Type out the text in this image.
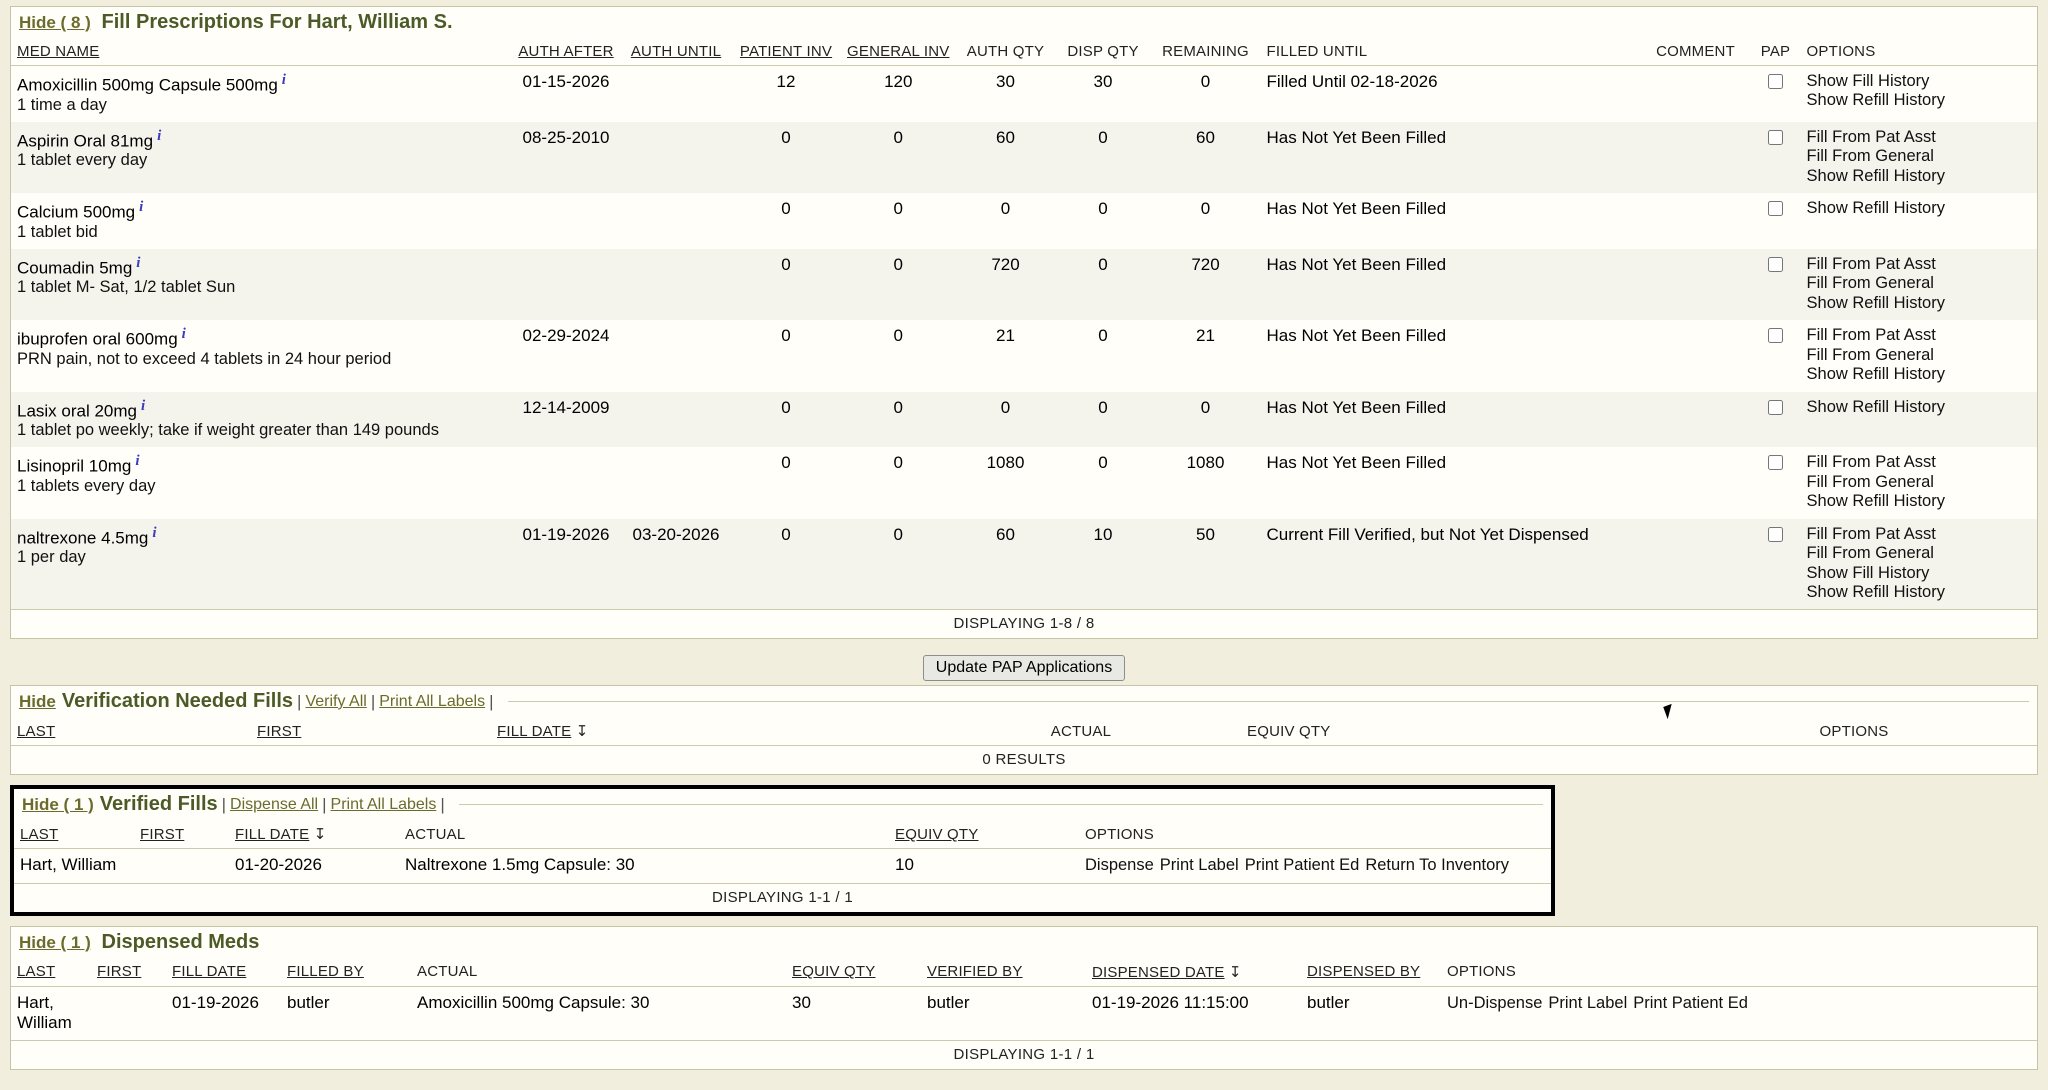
Hide ( 8 ) Fill Prescriptions For Hart, William S.
MED NAME	AUTH AFTER	AUTH UNTIL	PATIENT INV	GENERAL INV	AUTH QTY	DISP QTY	REMAINING	FILLED UNTIL	COMMENT	PAP	OPTIONS

Amoxicillin 500mg Capsule 500mg i
1 time a day
	01-15-2026		12	120	30	30	0	Filled Until 02-18-2026			Show Fill History
Show Refill History

Aspirin Oral 81mg i
1 tablet every day
	08-25-2010		0	0	60	0	60	Has Not Yet Been Filled			Fill From Pat Asst
Fill From General
Show Refill History

Calcium 500mg i
1 tablet bid			0	0	0	0	0	Has Not Yet Been Filled			Show Refill History

Coumadin 5mg i
1 tablet M- Sat, 1/2 tablet Sun
			0	0	720	0	720	Has Not Yet Been Filled			Fill From Pat Asst
Fill From General
Show Refill History

ibuprofen oral 600mg i
PRN pain, not to exceed 4 tablets in 24 hour period
	02-29-2024		0	0	21	0	21	Has Not Yet Been Filled			Fill From Pat Asst
Fill From General
Show Refill History

Lasix oral 20mg i
1 tablet po weekly; take if weight greater than 149 pounds	12-14-2009		0	0	0	0	0	Has Not Yet Been Filled			Show Refill History

Lisinopril 10mg i
1 tablets every day
			0	0	1080	0	1080	Has Not Yet Been Filled			Fill From Pat Asst
Fill From General
Show Refill History

naltrexone 4.5mg i
1 per day
	01-19-2026	03-20-2026	0	0	60	10	50	Current Fill Verified, but Not Yet Dispensed			Fill From Pat Asst
Fill From General
Show Fill History
Show Refill History

DISPLAYING 1-8 / 8											
Update PAP Applications
Hide Verification Needed Fills | Verify All | Print All Labels |
LAST	FIRST	FILL DATE ↧	ACTUAL	EQUIV QTY	OPTIONS
0 RESULTS
Hide ( 1 ) Verified Fills | Dispense All | Print All Labels |
LAST	FIRST	FILL DATE ↧	ACTUAL	EQUIV QTY	OPTIONS
Hart, William		01-20-2026	Naltrexone 1.5mg Capsule: 30	10	Dispense Print Label Print Patient Ed Return To Inventory
DISPLAYING 1-1 / 1					
Hide ( 1 ) Dispensed Meds
LAST	FIRST	FILL DATE	FILLED BY	ACTUAL	EQUIV QTY	VERIFIED BY	DISPENSED DATE ↧	DISPENSED BY	OPTIONS
Hart, William		01-19-2026	butler	Amoxicillin 500mg Capsule: 30	30	butler	01-19-2026 11:15:00	butler	Un-Dispense Print Label Print Patient Ed
DISPLAYING 1-1 / 1									
